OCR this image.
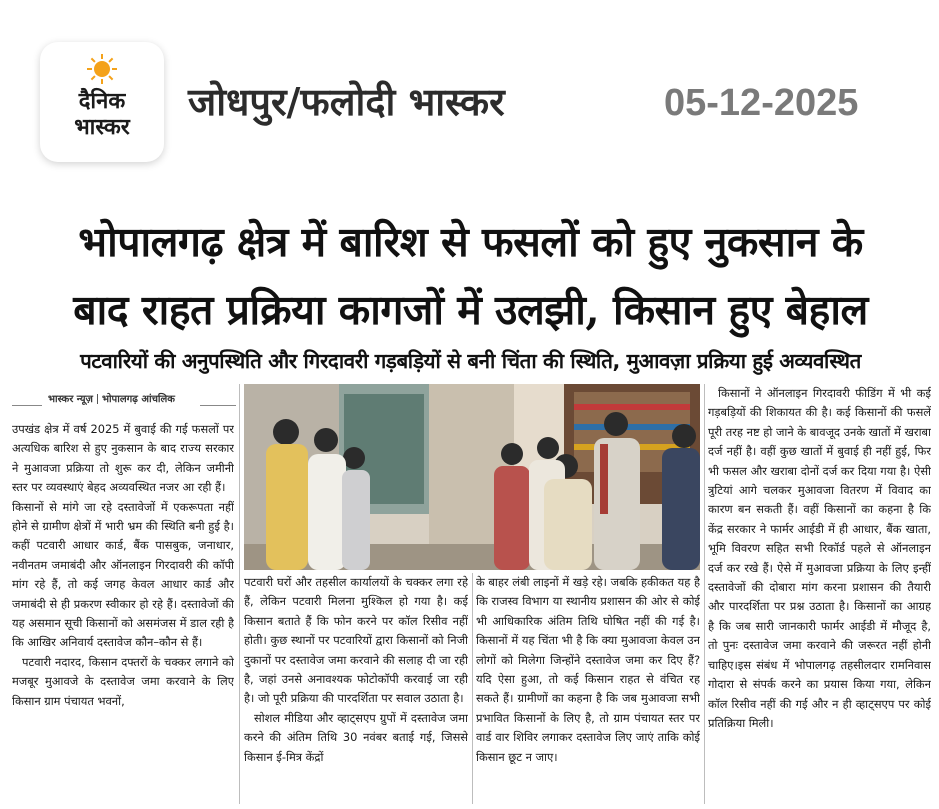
दैनिक
भास्कर
जोधपुर/फलोदी भास्कर	05-12-2025
भोपालगढ़ क्षेत्र में बारिश से फसलों को हुए नुकसान के
बाद राहत प्रक्रिया कागजों में उलझी, किसान हुए बेहाल
पटवारियों की अनुपस्थिति और गिरदावरी गड़बड़ियों से बनी चिंता की स्थिति, मुआवज़ा प्रक्रिया हुई अव्यवस्थित
भास्कर न्यूज़ भोपालगढ़ आंचलिक

उपखंड क्षेत्र में वर्ष 2025 में बुवाई की गई फसलों पर अत्यधिक बारिश से हुए नुकसान के बाद राज्य सरकार ने मुआवजा प्रक्रिया तो शुरू कर दी, लेकिन जमीनी स्तर पर व्यवस्थाएं बेहद अव्यवस्थित नजर आ रही हैं।

किसानों से मांगे जा रहे दस्तावेजों में एकरूपता नहीं होने से ग्रामीण क्षेत्रों में भारी भ्रम की स्थिति बनी हुई है। कहीं पटवारी आधार कार्ड, बैंक पासबुक, जनाधार, नवीनतम जमाबंदी और ऑनलाइन गिरदावरी की कॉपी मांग रहे हैं, तो कई जगह केवल आधार कार्ड और जमाबंदी से ही प्रकरण स्वीकार हो रहे हैं। दस्तावेजों की यह असमान सूची किसानों को असमंजस में डाल रही है कि आखिर अनिवार्य दस्तावेज कौन–कौन से हैं।

पटवारी नदारद, किसान दफ्तरों के चक्कर लगाने को मजबूर मुआवजे के दस्तावेज जमा करवाने के लिए किसान ग्राम पंचायत भवनों,

पटवारी घरों और तहसील कार्यालयों के चक्कर लगा रहे हैं, लेकिन पटवारी मिलना मुश्किल हो गया है। कई किसान बताते हैं कि फोन करने पर कॉल रिसीव नहीं होती। कुछ स्थानों पर पटवारियों द्वारा किसानों को निजी दुकानों पर दस्तावेज जमा करवाने की सलाह दी जा रही है, जहां उनसे अनावश्यक फोटोकॉपी करवाई जा रही है। जो पूरी प्रक्रिया की पारदर्शिता पर सवाल उठाता है।

सोशल मीडिया और व्हाट्सएप ग्रुपों में दस्तावेज जमा करने की अंतिम तिथि 30 नवंबर बताई गई, जिससे किसान ई-मित्र केंद्रों

के बाहर लंबी लाइनों में खड़े रहे। जबकि हकीकत यह है कि राजस्व विभाग या स्थानीय प्रशासन की ओर से कोई भी आधिकारिक अंतिम तिथि घोषित नहीं की गई है। किसानों में यह चिंता भी है कि क्या मुआवजा केवल उन लोगों को मिलेगा जिन्होंने दस्तावेज जमा कर दिए हैं? यदि ऐसा हुआ, तो कई किसान राहत से वंचित रह सकते हैं। ग्रामीणों का कहना है कि जब मुआवजा सभी प्रभावित किसानों के लिए है, तो ग्राम पंचायत स्तर पर वार्ड वार शिविर लगाकर दस्तावेज लिए जाएं ताकि कोई किसान छूट न जाए।

किसानों ने ऑनलाइन गिरदावरी फीडिंग में भी कई गड़बड़ियों की शिकायत की है। कई किसानों की फसलें पूरी तरह नष्ट हो जाने के बावजूद उनके खातों में खराबा दर्ज नहीं है। वहीं कुछ खातों में बुवाई ही नहीं हुई, फिर भी फसल और खराबा दोनों दर्ज कर दिया गया है। ऐसी त्रुटियां आगे चलकर मुआवजा वितरण में विवाद का कारण बन सकती हैं। वहीं किसानों का कहना है कि केंद्र सरकार ने फार्मर आईडी में ही आधार, बैंक खाता, भूमि विवरण सहित सभी रिकॉर्ड पहले से ऑनलाइन दर्ज कर रखे हैं। ऐसे में मुआवजा प्रक्रिया के लिए इन्हीं दस्तावेजों की दोबारा मांग करना प्रशासन की तैयारी और पारदर्शिता पर प्रश्न उठाता है। किसानों का आग्रह है कि जब सारी जानकारी फार्मर आईडी में मौजूद है, तो पुनः दस्तावेज जमा करवाने की जरूरत नहीं होनी चाहिए।इस संबंध में भोपालगढ़ तहसीलदार रामनिवास गोदारा से संपर्क करने का प्रयास किया गया, लेकिन कॉल रिसीव नहीं की गई और न ही व्हाट्सएप पर कोई प्रतिक्रिया मिली।
